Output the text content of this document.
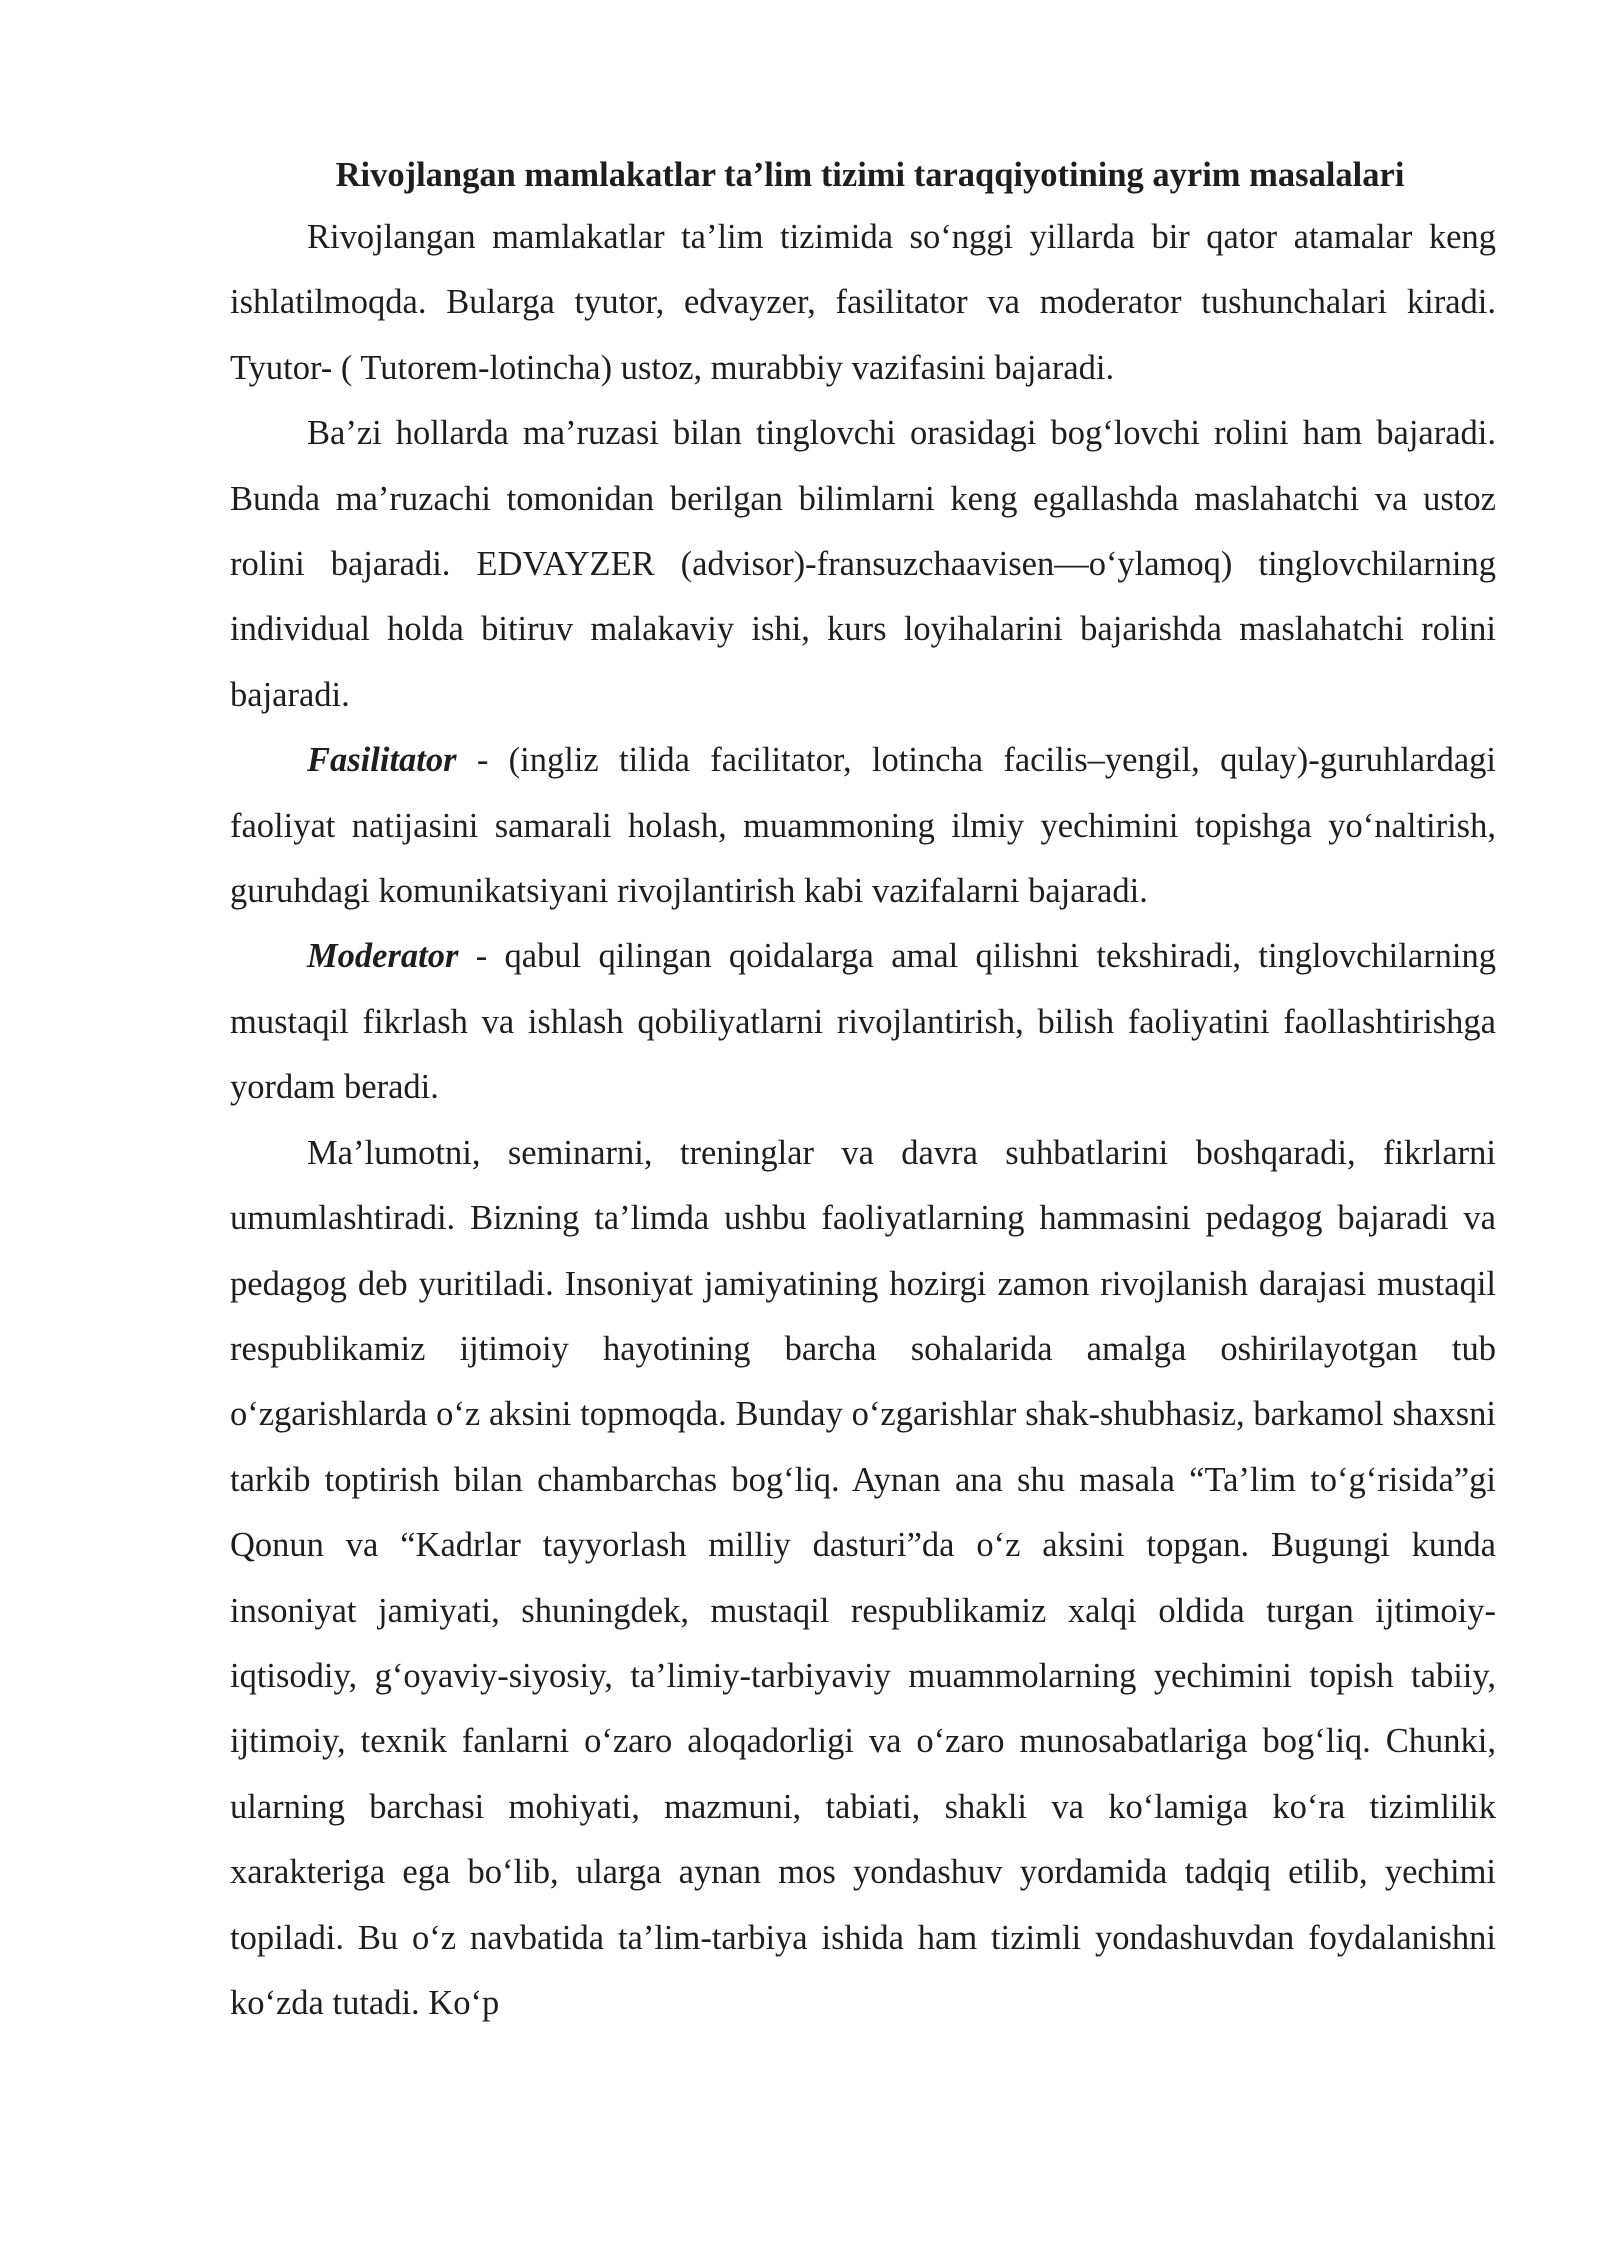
Rivojlangan mamlakatlar ta’lim tizimi taraqqiyotining ayrim masalalari

Rivojlangan mamlakatlar ta’lim tizimida so‘nggi yillarda bir qator atamalar keng ishlatilmoqda. Bulargа tyutor, edvayzer, fasilitator va moderator tushunchalari kiradi. Tyutor- ( Tutorem-lotincha) ustoz, murabbiy vazifasini bajaradi.

Ba’zi hollarda ma’ruzasi bilan tinglovchi orasidagi bog‘lovchi rolini ham bajaradi. Bunda ma’ruzachi tomonidan berilgan bilimlarni keng egallashda maslahatchi va ustoz rolini bajaradi. EDVAYZER (advisor)-fransuzchaavisen—o‘ylamoq) tinglovchilarning individual holda bitiruv malakaviy ishi, kurs loyihalarini bajarishda maslahatchi rolini bajaradi.

Fasilitator - (ingliz tilida facilitator, lotincha facilis–yengil, qulay)-guruhlardagi faoliyat natijasini samarali holash, muammoning ilmiy yechimini topishga yo‘naltirish, guruhdagi komunikatsiyani rivojlantirish kabi vazifalarni bajaradi.

Moderator - qabul qilingan qoidalarga amal qilishni tekshiradi, tinglovchilarning mustaqil fikrlash va ishlash qobiliyatlarni rivojlantirish, bilish faoliyatini faollashtirishga yordam beradi.

Ma’lumotni, seminarni, treninglar va davra suhbatlarini boshqaradi, fikrlarni umumlashtiradi. Bizning ta’limda ushbu faoliyatlarning hammasini pedagog bajaradi va pedagog deb yuritiladi. Insoniyat jamiyatining hozirgi zamon rivojlanish darajasi mustaqil respublikamiz ijtimoiy hayotining barcha sohalarida amalga oshirilayotgan tub o‘zgarishlarda o‘z aksini topmoqda. Bunday o‘zgarishlar shak-shubhasiz, barkamol shaxsni tarkib toptirish bilan chambarchas bog‘liq. Aynan ana shu masala “Ta’lim to‘g‘risida”gi Qonun va “Kadrlar tayyorlash milliy dasturi”da o‘z aksini topgan. Bugungi kunda insoniyat jamiyati, shuningdek, mustaqil respublikamiz xalqi oldida turgan ijtimoiy-iqtisodiy, g‘oyaviy-siyosiy, ta’limiy-tarbiyaviy muammolarning yechimini topish tabiiy, ijtimoiy, texnik fanlarni o‘zaro aloqadorligi va o‘zaro munosabatlariga bog‘liq. Chunki, ularning barchasi mohiyati, mazmuni, tabiati, shakli va ko‘lamiga ko‘ra tizimlilik xarakteriga ega bo‘lib, ularga aynan mos yondashuv yordamida tadqiq etilib, yechimi topiladi. Bu o‘z navbatida ta’lim-tarbiya ishida ham tizimli yondashuvdan foydalanishni ko‘zda tutadi. Ko‘p
